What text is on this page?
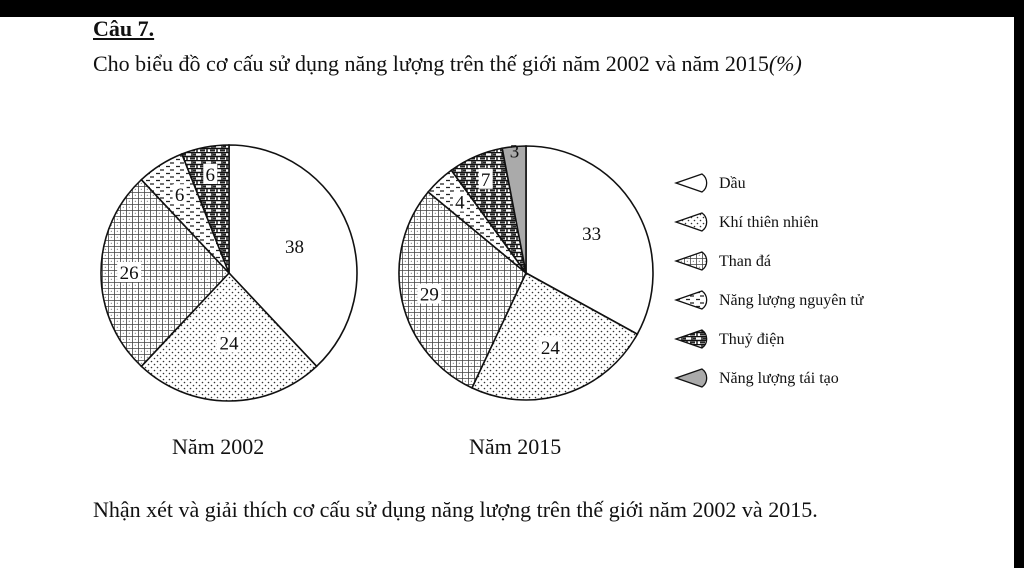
Câu 7.
Cho biểu đồ cơ cấu sử dụng năng lượng trên thế giới năm 2002 và năm 2015(%)
38
24
26
6
6
33
24
29
4
7
3
Dầu
Khí thiên nhiên
Than đá
Năng lượng nguyên tử
Thuỷ điện
Năng lượng tái tạo
Năm 2002	Năm 2015
Nhận xét và giải thích cơ cấu sử dụng năng lượng trên thế giới năm 2002 và 2015.
